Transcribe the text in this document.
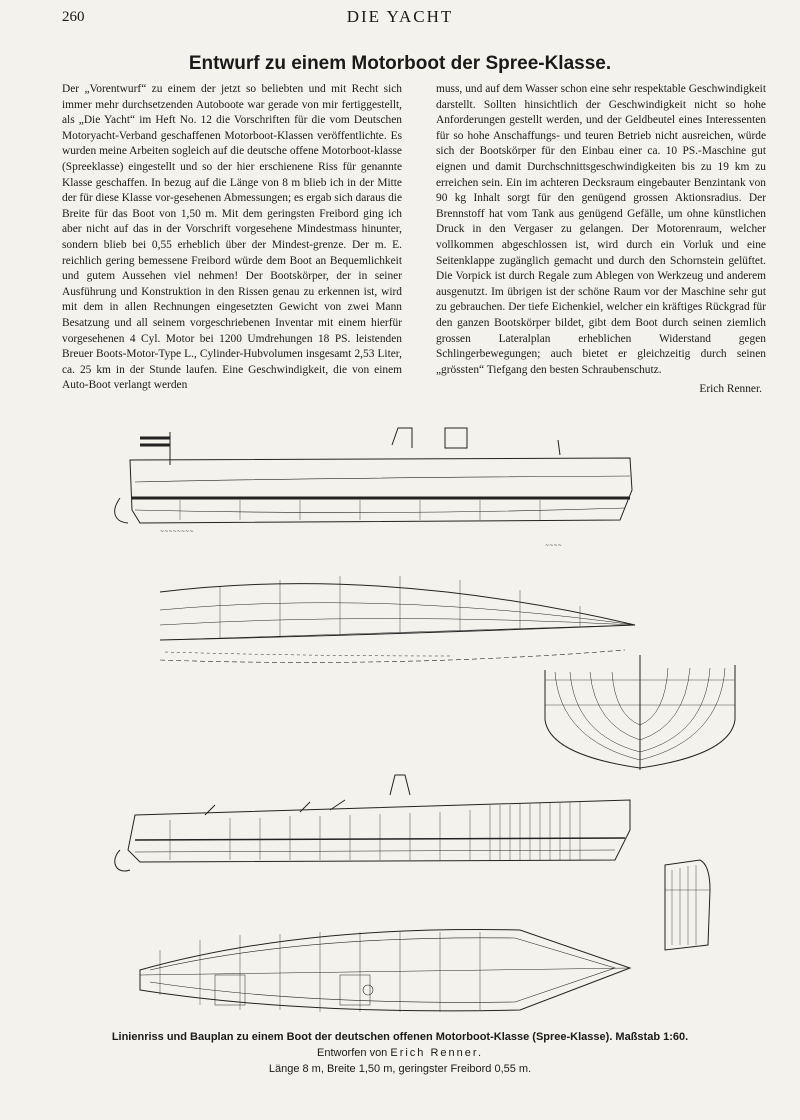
260	DIE YACHT
Entwurf zu einem Motorboot der Spree-Klasse.

Der „Vorentwurf“ zu einem der jetzt so beliebten und mit Recht sich immer mehr durchsetzenden Autoboote war gerade von mir fertiggestellt, als „Die Yacht“ im Heft No. 12 die Vorschriften für die vom Deutschen Motoryacht-Verband geschaffenen Motorboot-Klassen veröffentlichte. Es wurden meine Arbeiten sogleich auf die deutsche offene Motorboot-klasse (Spreeklasse) eingestellt und so der hier erschienene Riss für genannte Klasse geschaffen. In bezug auf die Länge von 8 m blieb ich in der Mitte der für diese Klasse vor-gesehenen Abmessungen; es ergab sich daraus die Breite für das Boot von 1,50 m. Mit dem geringsten Freibord ging ich aber nicht auf das in der Vorschrift vorgesehene Mindestmass hinunter, sondern blieb bei 0,55 erheblich über der Mindest-grenze. Der m. E. reichlich gering bemessene Freibord würde dem Boot an Bequemlichkeit und gutem Aussehen viel nehmen! Der Bootskörper, der in seiner Ausführung und Konstruktion in den Rissen genau zu erkennen ist, wird mit dem in allen Rechnungen eingesetzten Gewicht von zwei Mann Besatzung und all seinem vorgeschriebenen Inventar mit einem hierfür vorgesehenen 4 Cyl. Motor bei 1200 Umdrehungen 18 PS. leistenden Breuer Boots-Motor-Type L., Cylinder-Hubvolumen insgesamt 2,53 Liter, ca. 25 km in der Stunde laufen. Eine Geschwindigkeit, die von einem Auto-Boot verlangt werden

muss, und auf dem Wasser schon eine sehr respektable Geschwindigkeit darstellt. Sollten hinsichtlich der Geschwindigkeit nicht so hohe Anforderungen gestellt werden, und der Geldbeutel eines Interessenten für so hohe Anschaffungs- und teuren Betrieb nicht ausreichen, würde sich der Bootskörper für den Einbau einer ca. 10 PS.-Maschine gut eignen und damit Durchschnittsgeschwindigkeiten bis zu 19 km zu erreichen sein. Ein im achteren Decksraum eingebauter Benzintank von 90 kg Inhalt sorgt für den genügend grossen Aktionsradius. Der Brennstoff hat vom Tank aus genügend Gefälle, um ohne künstlichen Druck in den Vergaser zu gelangen. Der Motorenraum, welcher vollkommen abgeschlossen ist, wird durch ein Vorluk und eine Seitenklappe zugänglich gemacht und durch den Schornstein gelüftet. Die Vorpick ist durch Regale zum Ablegen von Werkzeug und anderem ausgenutzt. Im übrigen ist der schöne Raum vor der Maschine sehr gut zu gebrauchen. Der tiefe Eichenkiel, welcher ein kräftiges Rückgrad für den ganzen Bootskörper bildet, gibt dem Boot durch seinen ziemlich grossen Lateralplan erheblichen Widerstand gegen Schlingerbewegungen; auch bietet er gleichzeitig durch seinen „grössten“ Tiefgang den besten Schraubenschutz.

Erich Renner.
~~~~~~~~
~~~~
Linienriss und Bauplan zu einem Boot der deutschen offenen Motorboot-Klasse (Spree-Klasse). Maßstab 1:60.
Entworfen von Erich Renner.
Länge 8 m, Breite 1,50 m, geringster Freibord 0,55 m.
